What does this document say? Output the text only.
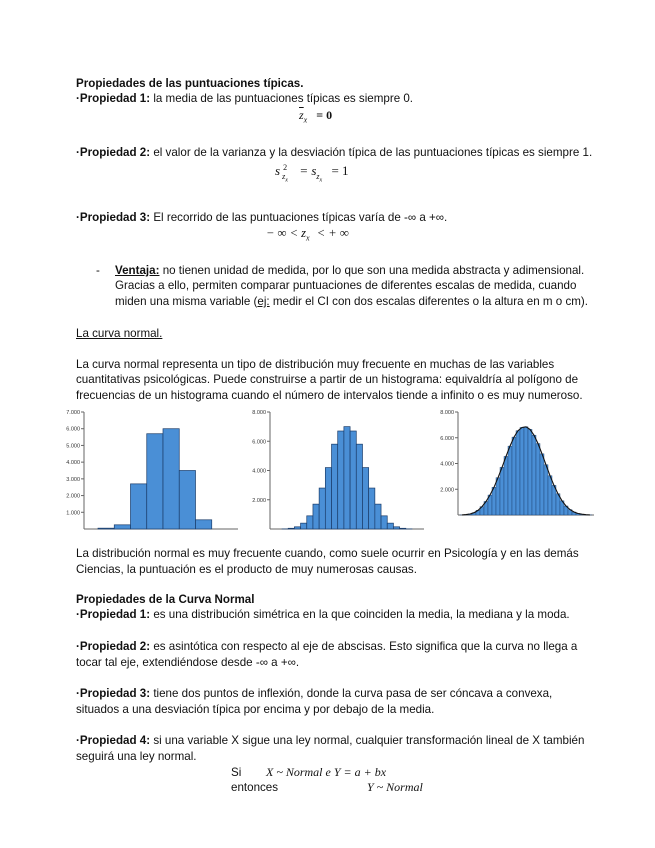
Propiedades de las puntuaciones típicas.
·Propiedad 1: la media de las puntuaciones típicas es siempre 0.
$\overline{z}_x = 0$
·Propiedad 2: el valor de la varianza y la desviación típica de las puntuaciones típicas es siempre 1.
s 2
$z_x$
= $s_{z_x} = 1$
·Propiedad 3: El recorrido de las puntuaciones típicas varía de -∞ a +∞.
− ∞ < $z_x$ < + ∞
- Ventaja: no tienen unidad de medida, por lo que son una medida abstracta y adimensional.
Gracias a ello, permiten comparar puntuaciones de diferentes escalas de medida, cuando
miden una misma variable (ej: medir el CI con dos escalas diferentes o la altura en m o cm).
La curva normal.
La curva normal representa un tipo de distribución muy frecuente en muchas de las variables
cuantitativas psicológicas. Puede construirse a partir de un histograma: equivaldría al polígono de
frecuencias de un histograma cuando el número de intervalos tiende a infinito o es muy numeroso.
1.000
2.000
3.000
4.000
5.000
6.000
7.000
2.000
4.000
6.000
8.000
2.000
4.000
6.000
8.000
La distribución normal es muy frecuente cuando, como suele ocurrir en Psicología y en las demás
Ciencias, la puntuación es el producto de muy numerosas causas.
Propiedades de la Curva Normal
·Propiedad 1: es una distribución simétrica en la que coinciden la media, la mediana y la moda.
·Propiedad 2: es asintótica con respecto al eje de abscisas. Esto significa que la curva no llega a
tocar tal eje, extendiéndose desde -∞ a +∞.
·Propiedad 3: tiene dos puntos de inflexión, donde la curva pasa de ser cóncava a convexa,
situados a una desviación típica por encima y por debajo de la media.
·Propiedad 4: si una variable X sigue una ley normal, cualquier transformación lineal de X también
seguirá una ley normal.
Si X ~ Normal e Y = a + bx
entonces	Y ~ Normal
